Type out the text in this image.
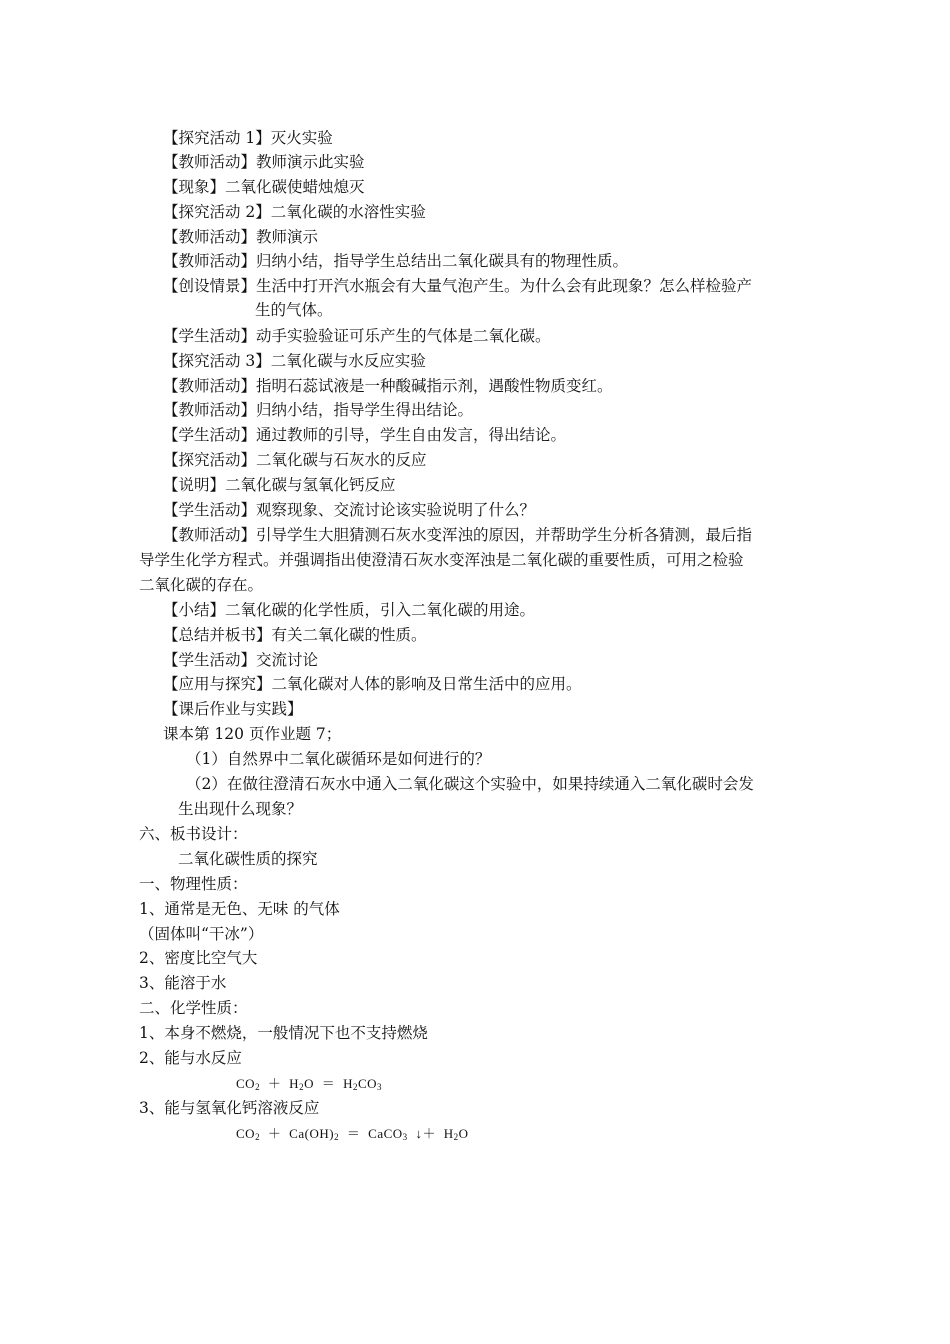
【探究活动 1】灭火实验
【教师活动】教师演示此实验
【现象】二氧化碳使蜡烛熄灭
【探究活动 2】二氧化碳的水溶性实验
【教师活动】教师演示
【教师活动】归纳小结，指导学生总结出二氧化碳具有的物理性质。
【创设情景】生活中打开汽水瓶会有大量气泡产生。为什么会有此现象？怎么样检验产
生的气体。
【学生活动】动手实验验证可乐产生的气体是二氧化碳。
【探究活动 3】二氧化碳与水反应实验
【教师活动】指明石蕊试液是一种酸碱指示剂，遇酸性物质变红。
【教师活动】归纳小结，指导学生得出结论。
【学生活动】通过教师的引导，学生自由发言，得出结论。
【探究活动】二氧化碳与石灰水的反应
【说明】二氧化碳与氢氧化钙反应
【学生活动】观察现象、交流讨论该实验说明了什么？
【教师活动】引导学生大胆猜测石灰水变浑浊的原因，并帮助学生分析各猜测，最后指
导学生化学方程式。并强调指出使澄清石灰水变浑浊是二氧化碳的重要性质，可用之检验
二氧化碳的存在。
【小结】二氧化碳的化学性质，引入二氧化碳的用途。
【总结并板书】有关二氧化碳的性质。
【学生活动】交流讨论
【应用与探究】二氧化碳对人体的影响及日常生活中的应用。
【课后作业与实践】
课本第 120 页作业题 7；
（1）自然界中二氧化碳循环是如何进行的？
（2）在做往澄清石灰水中通入二氧化碳这个实验中，如果持续通入二氧化碳时会发
生出现什么现象？
六、板书设计：
二氧化碳性质的探究
一、物理性质：
1、通常是无色、无味 的气体
（固体叫“干冰”）
2、密度比空气大
3、能溶于水
二、化学性质：
1、本身不燃烧，一般情况下也不支持燃烧
2、能与水反应
$CO_2 + H_2O = H_2CO_3$
3、能与氢氧化钙溶液反应
$CO_2 + Ca(OH)_2$ ＝ CaCO$_3$ ↓＋ $H_2O$
